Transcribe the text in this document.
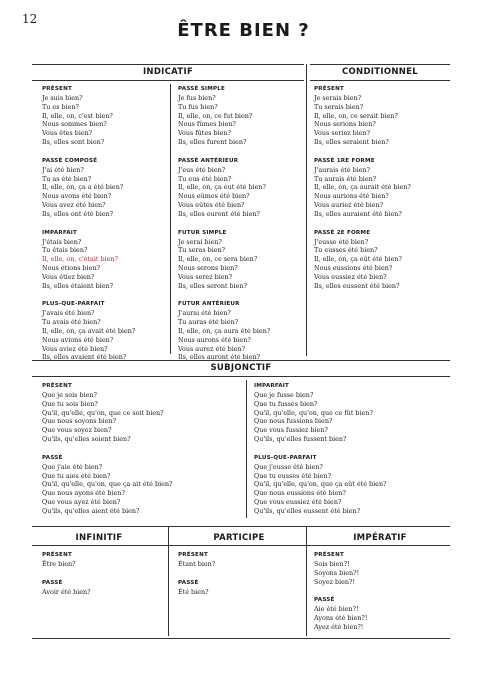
12
ÊTRE BIEN ?
INDICATIF	CONDITIONNEL
PRÉSENT
Je suis bien?
Tu es bien?
Il, elle, on, c'est bien?
Nous sommes bien?
Vous êtes bien?
Ils, elles sont bien?
PASSÉ COMPOSÉ
J'ai été bien?
Tu as été bien?
Il, elle, on, ça a été bien?
Nous avons été bien?
Vous avez été bien?
Ils, elles ont été bien?
IMPARFAIT
J'étais bien?
Tu étais bien?
Il, elle, on, c'était bien?
Nous étions bien?
Vous étiez bien?
Ils, elles étaient bien?
PLUS-QUE-PARFAIT
J'avais été bien?
Tu avais été bien?
Il, elle, on, ça avait été bien?
Nous avions été bien?
Vous aviez été bien?
Ils, elles avaient été bien?
PASSÉ SIMPLE
Je fus bien?
Tu fus bien?
Il, elle, on, ce fut bien?
Nous fûmes bien?
Vous fûtes bien?
Ils, elles furent bien?
PASSÉ ANTÉRIEUR
J'eus été bien?
Tu eus été bien?
Il, elle, on, ça eut été bien?
Nous eûmes été bien?
Vous eûtes été bien?
Ils, elles eurent été bien?
FUTUR SIMPLE
Je serai bien?
Tu seras bien?
Il, elle, on, ce sera bien?
Nous serons bien?
Vous serez bien?
Ils, elles seront bien?
FUTUR ANTÉRIEUR
J'aurai été bien?
Tu auras été bien?
Il, elle, on, ça aura été bien?
Nous aurons été bien?
Vous aurez été bien?
Ils, elles auront été bien?
PRÉSENT
Je serais bien?
Tu serais bien?
Il, elle, on, ce serait bien?
Nous serions bien?
Vous seriez bien?
Ils, elles seraient bien?
PASSÉ 1RE FORME
J'aurais été bien?
Tu aurais été bien?
Il, elle, on, ça aurait été bien?
Nous aurions été bien?
Vous auriez été bien?
Ils, elles auraient été bien?
PASSÉ 2E FORME
J'eusse été bien?
Tu eusses été bien?
Il, elle, on, ça eût été bien?
Nous eussions été bien?
Vous eussiez été bien?
Ils, elles eussent été bien?
SUBJONCTIF
PRÉSENT
Que je sois bien?
Que tu sois bien?
Qu'il, qu'elle, qu'on, que ce soit bien?
Que nous soyons bien?
Que vous soyez bien?
Qu'ils, qu'elles soient bien?
PASSÉ
Que j'aie été bien?
Que tu aies été bien?
Qu'il, qu'elle, qu'on, que ça ait été bien?
Que nous ayons été bien?
Que vous ayez été bien?
Qu'ils, qu'elles aient été bien?
IMPARFAIT
Que je fusse bien?
Que tu fusses bien?
Qu'il, qu'elle, qu'on, que ce fût bien?
Que nous fussions bien?
Que vous fussiez bien?
Qu'ils, qu'elles fussent bien?
PLUS-QUE-PARFAIT
Que j'eusse été bien?
Que tu eusses été bien?
Qu'il, qu'elle, qu'on, que ça eût été bien?
Que nous eussions été bien?
Que vous eussiez été bien?
Qu'ils, qu'elles eussent été bien?
INFINITIF	PARTICIPE	IMPÉRATIF
PRÉSENT
Être bien?
PASSÉ
Avoir été bien?
PRÉSENT
Étant bien?
PASSÉ
Été bien?
PRÉSENT
Sois bien?!
Soyons bien?!
Soyez bien?!
PASSÉ
Aie été bien?!
Ayons été bien?!
Ayez été bien?!
